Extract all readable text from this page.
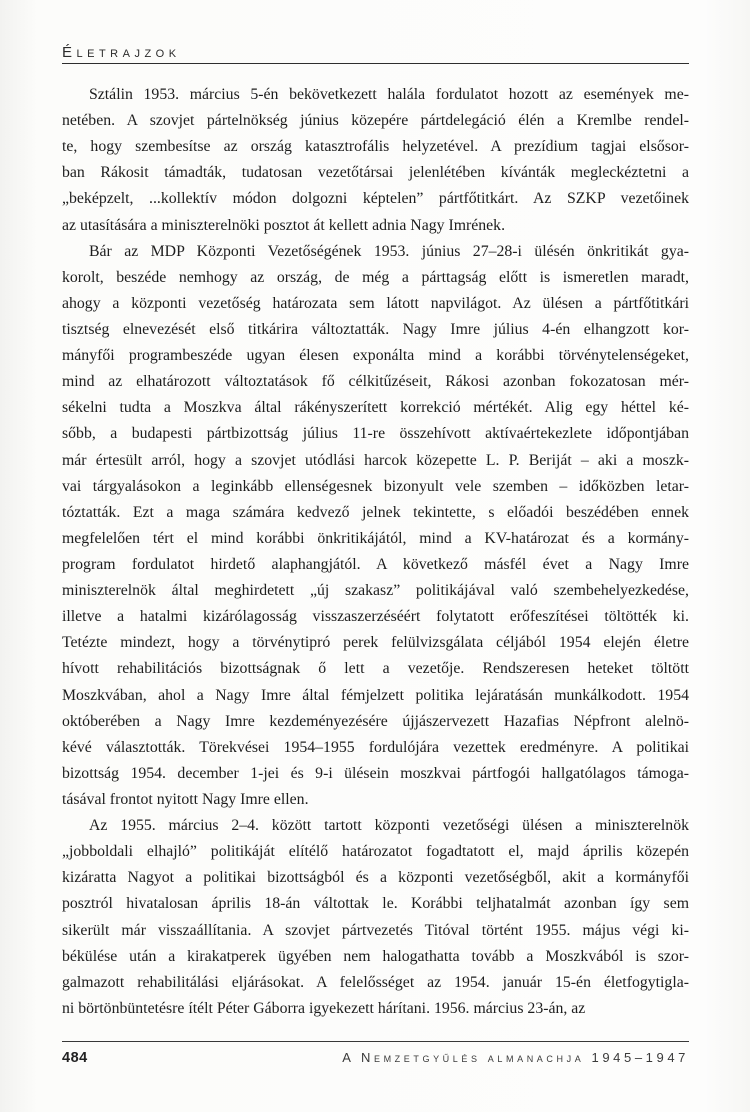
Életrajzok
Sztálin 1953. március 5-én bekövetkezett halála fordulatot hozott az események me-
netében. A szovjet pártelnökség június közepére pártdelegáció élén a Kremlbe rendel-
te, hogy szembesítse az ország katasztrofális helyzetével. A prezídium tagjai elsősor-
ban Rákosit támadták, tudatosan vezetőtársai jelenlétében kívánták megleckéztetni a
„beképzelt, ...kollektív módon dolgozni képtelen” pártfőtitkárt. Az SZKP vezetőinek
az utasítására a miniszterelnöki posztot át kellett adnia Nagy Imrének.
Bár az MDP Központi Vezetőségének 1953. június 27–28-i ülésén önkritikát gya-
korolt, beszéde nemhogy az ország, de még a párttagság előtt is ismeretlen maradt,
ahogy a központi vezetőség határozata sem látott napvilágot. Az ülésen a pártfőtitkári
tisztség elnevezését első titkárira változtatták. Nagy Imre július 4-én elhangzott kor-
mányfői programbeszéde ugyan élesen exponálta mind a korábbi törvénytelenségeket,
mind az elhatározott változtatások fő célkitűzéseit, Rákosi azonban fokozatosan mér-
sékelni tudta a Moszkva által rákényszerített korrekció mértékét. Alig egy héttel ké-
sőbb, a budapesti pártbizottság július 11-re összehívott aktívaértekezlete időpontjában
már értesült arról, hogy a szovjet utódlási harcok közepette L. P. Beriját – aki a moszk-
vai tárgyalásokon a leginkább ellenségesnek bizonyult vele szemben – időközben letar-
tóztatták. Ezt a maga számára kedvező jelnek tekintette, s előadói beszédében ennek
megfelelően tért el mind korábbi önkritikájától, mind a KV-határozat és a kormány-
program fordulatot hirdető alaphangjától. A következő másfél évet a Nagy Imre
miniszterelnök által meghirdetett „új szakasz” politikájával való szembehelyezkedése,
illetve a hatalmi kizárólagosság visszaszerzéséért folytatott erőfeszítései töltötték ki.
Tetézte mindezt, hogy a törvénytipró perek felülvizsgálata céljából 1954 elején életre
hívott rehabilitációs bizottságnak ő lett a vezetője. Rendszeresen heteket töltött
Moszkvában, ahol a Nagy Imre által fémjelzett politika lejáratásán munkálkodott. 1954
októberében a Nagy Imre kezdeményezésére újjászervezett Hazafias Népfront alelnö-
kévé választották. Törekvései 1954–1955 fordulójára vezettek eredményre. A politikai
bizottság 1954. december 1-jei és 9-i ülésein moszkvai pártfogói hallgatólagos támoga-
tásával frontot nyitott Nagy Imre ellen.
Az 1955. március 2–4. között tartott központi vezetőségi ülésen a miniszterelnök
„jobboldali elhajló” politikáját elítélő határozatot fogadtatott el, majd április közepén
kizáratta Nagyot a politikai bizottságból és a központi vezetőségből, akit a kormányfői
posztról hivatalosan április 18-án váltottak le. Korábbi teljhatalmát azonban így sem
sikerült már visszaállítania. A szovjet pártvezetés Titóval történt 1955. május végi ki-
békülése után a kirakatperek ügyében nem halogathatta tovább a Moszkvából is szor-
galmazott rehabilitálási eljárásokat. A felelősséget az 1954. január 15-én életfogytigla-
ni börtönbüntetésre ítélt Péter Gáborra igyekezett hárítani. 1956. március 23-án, az
484	A Nemzetgyűlés almanachja 1945–1947
